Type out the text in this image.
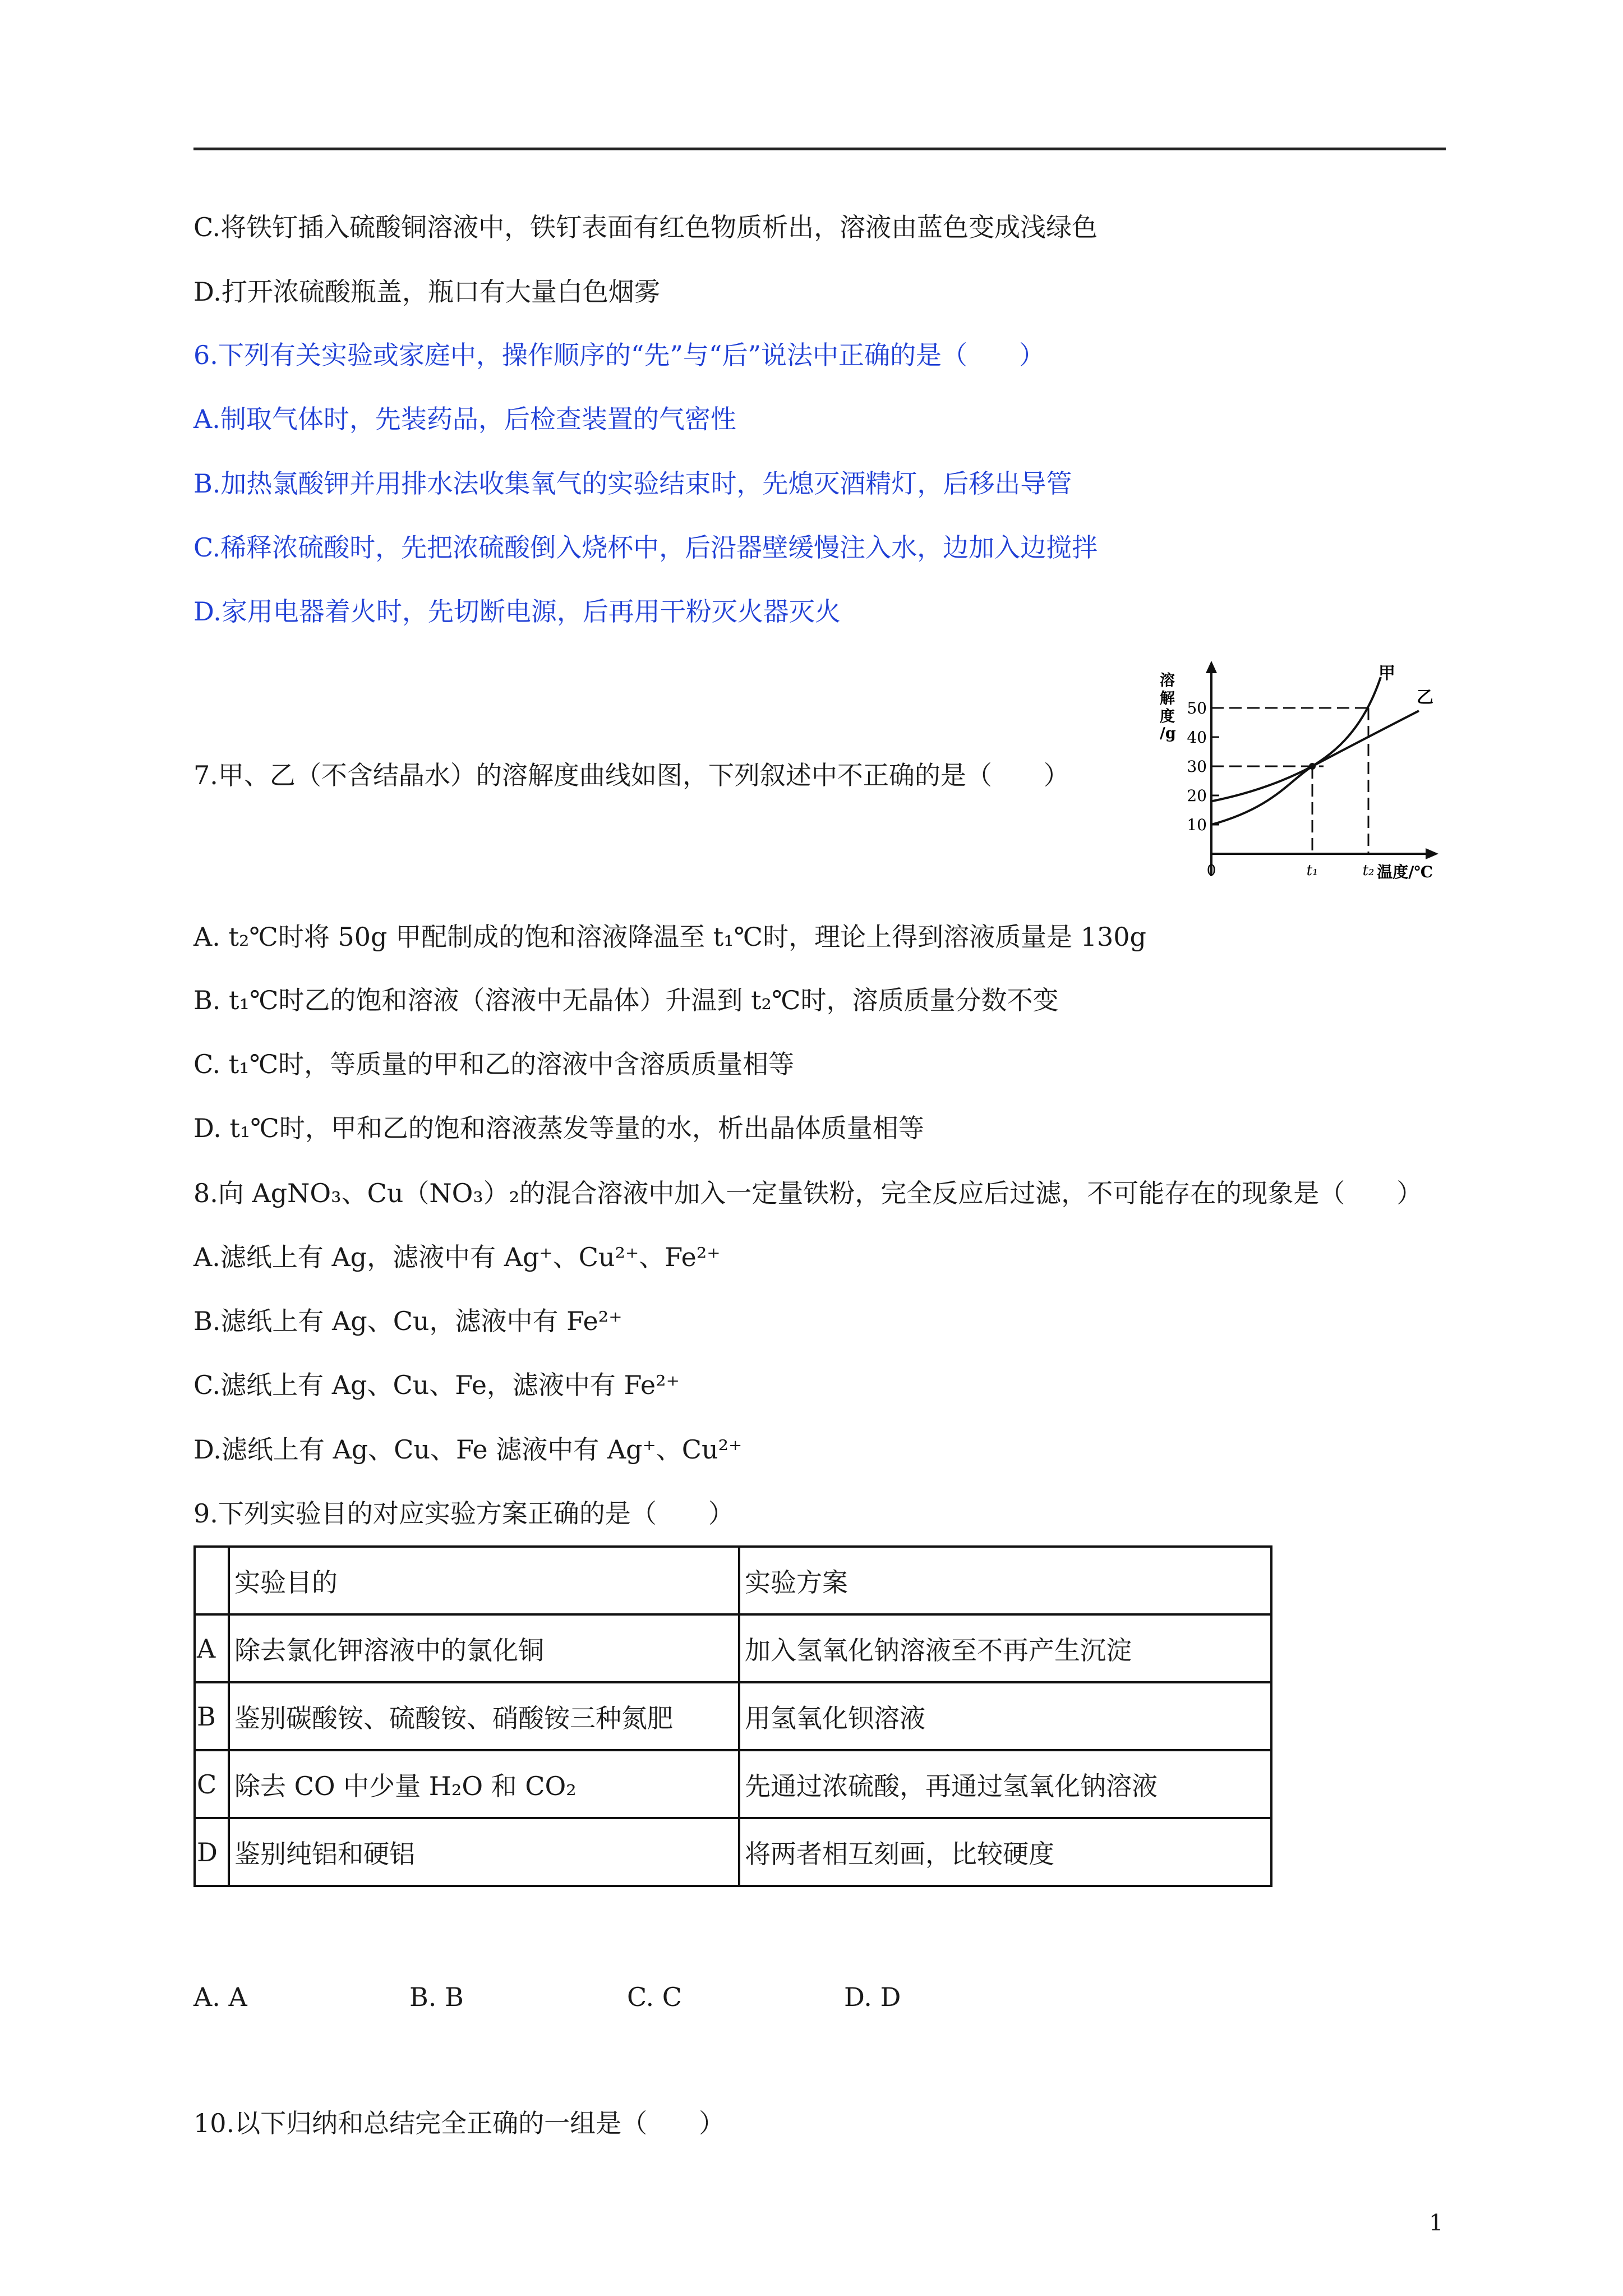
C.将铁钉插入硫酸铜溶液中，铁钉表面有红色物质析出，溶液由蓝色变成浅绿色
D.打开浓硫酸瓶盖，瓶口有大量白色烟雾
6.下列有关实验或家庭中，操作顺序的“先”与“后”说法中正确的是（　　）
A.制取气体时，先装药品，后检查装置的气密性
B.加热氯酸钾并用排水法收集氧气的实验结束时，先熄灭酒精灯，后移出导管
C.稀释浓硫酸时，先把浓硫酸倒入烧杯中，后沿器壁缓慢注入水，边加入边搅拌
D.家用电器着火时，先切断电源，后再用干粉灭火器灭火
7.甲、乙（不含结晶水）的溶解度曲线如图，下列叙述中不正确的是（　　）
溶
解
度
/g
10
20
30
40
50
0	t₁	t₂ 温度/℃
甲
乙
A. t₂℃时将 50g 甲配制成的饱和溶液降温至 t₁℃时，理论上得到溶液质量是 130g
B. t₁℃时乙的饱和溶液（溶液中无晶体）升温到 t₂℃时，溶质质量分数不变
C. t₁℃时，等质量的甲和乙的溶液中含溶质质量相等
D. t₁℃时，甲和乙的饱和溶液蒸发等量的水，析出晶体质量相等
8.向 AgNO₃、Cu（NO₃）₂的混合溶液中加入一定量铁粉，完全反应后过滤，不可能存在的现象是（　　）
A.滤纸上有 Ag，滤液中有 Ag⁺、Cu²⁺、Fe²⁺
B.滤纸上有 Ag、Cu，滤液中有 Fe²⁺
C.滤纸上有 Ag、Cu、Fe，滤液中有 Fe²⁺
D.滤纸上有 Ag、Cu、Fe 滤液中有 Ag⁺、Cu²⁺
9.下列实验目的对应实验方案正确的是（　　）
	实验目的	实验方案
A	除去氯化钾溶液中的氯化铜	加入氢氧化钠溶液至不再产生沉淀
B	鉴别碳酸铵、硫酸铵、硝酸铵三种氮肥	用氢氧化钡溶液
C	除去 CO 中少量 H₂O 和 CO₂	先通过浓硫酸，再通过氢氧化钠溶液
D	鉴别纯铝和硬铝	将两者相互刻画，比较硬度
A. A	B. B	C. C	D. D
10.以下归纳和总结完全正确的一组是（　　）
1
